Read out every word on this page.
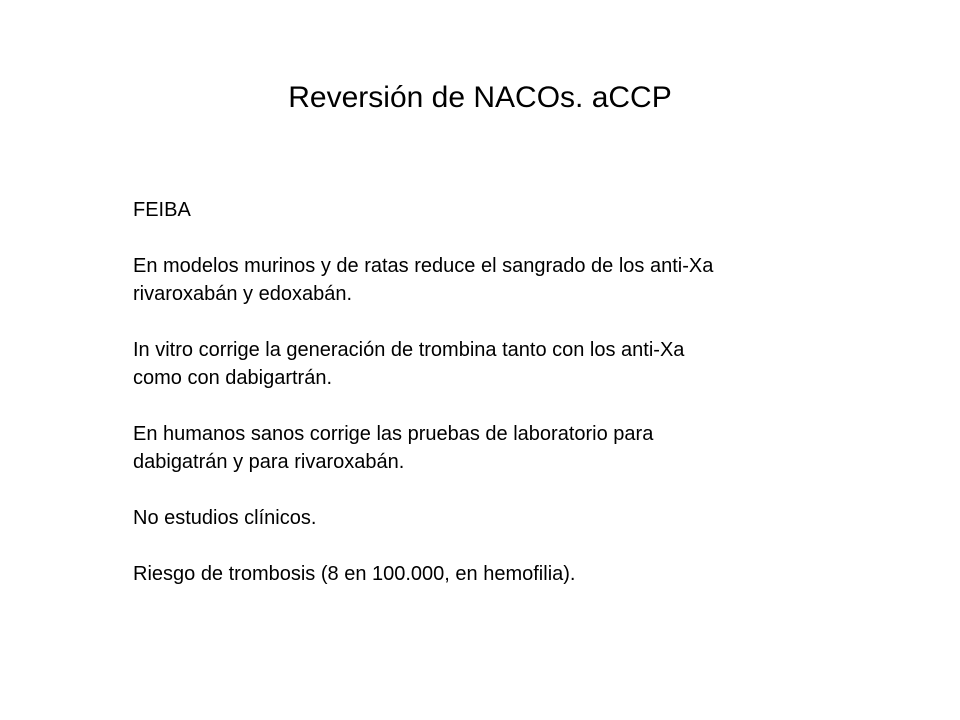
Reversión de NACOs. aCCP

FEIBA

En modelos murinos y de ratas reduce el sangrado de los anti-Xa
rivaroxabán y edoxabán.

In vitro corrige la generación de trombina tanto con los anti-Xa
como con dabigartrán.

En humanos sanos corrige las pruebas de laboratorio para
dabigatrán y para rivaroxabán.

No estudios clínicos.

Riesgo de trombosis (8 en 100.000, en hemofilia).
